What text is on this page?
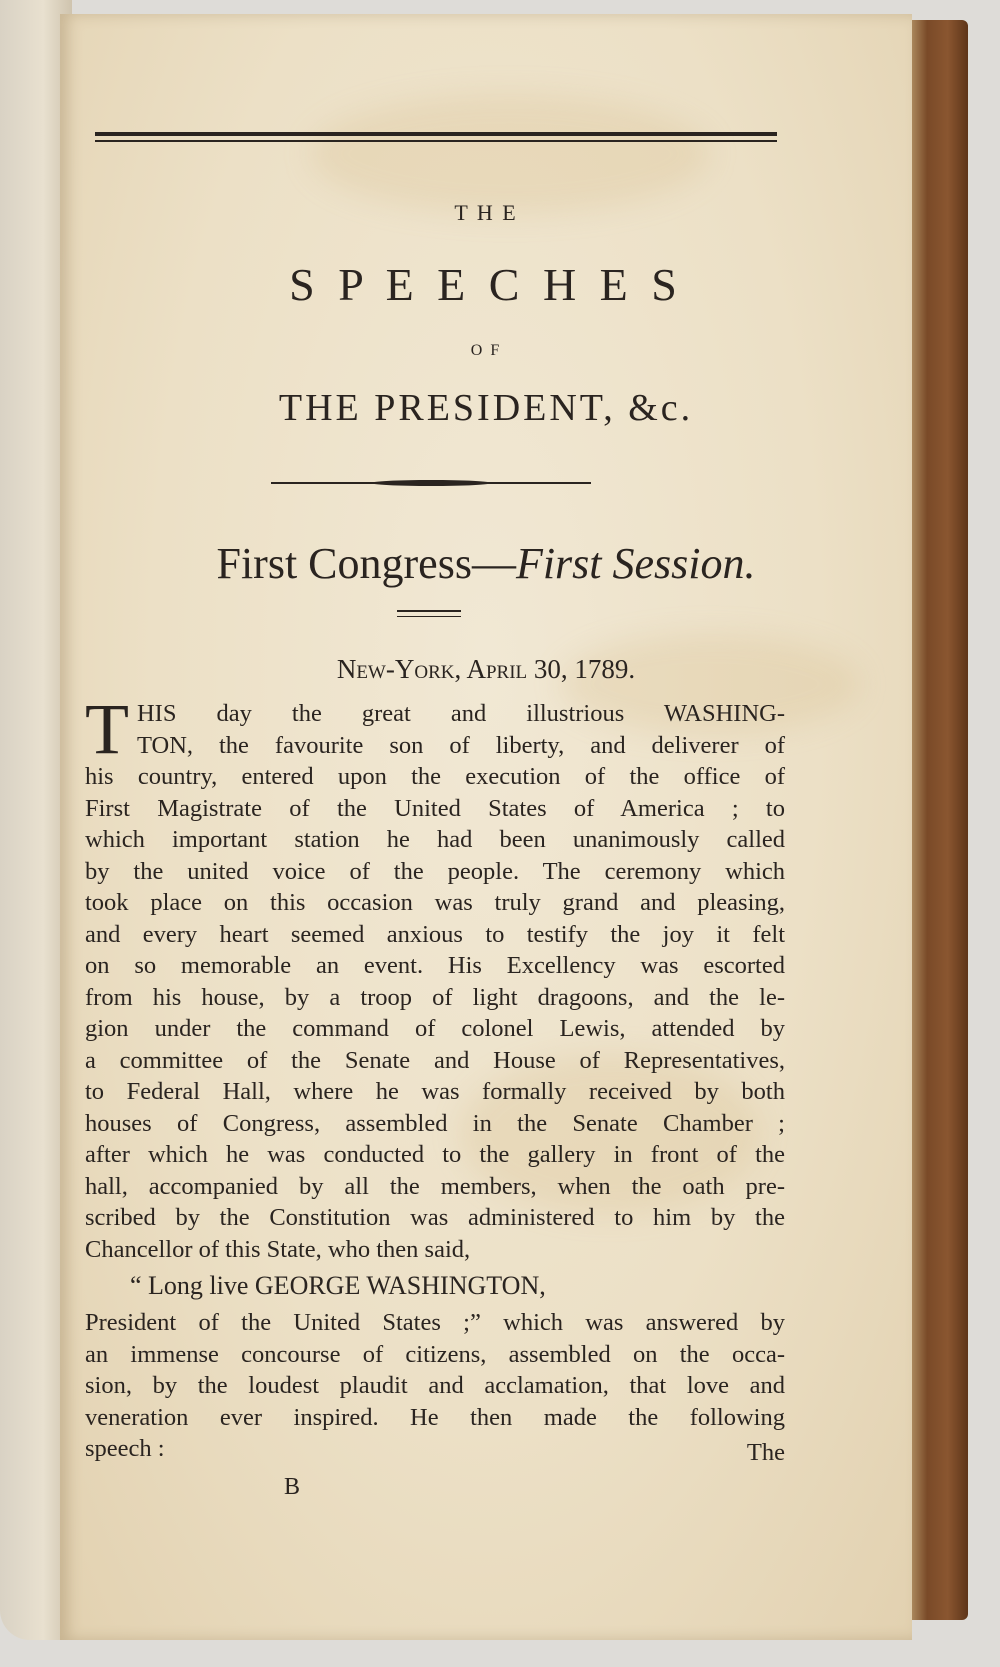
T H E
S P E E C H E S
O F
THE PRESIDENT, &c.
First Congress—First Session.
New-York, April 30, 1789.
T HIS day the great and illustrious WASHING-
TON, the favourite son of liberty, and deliverer of
his country, entered upon the execution of the office of
First Magistrate of the United States of America ; to
which important station he had been unanimously called
by the united voice of the people. The ceremony which
took place on this occasion was truly grand and pleasing,
and every heart seemed anxious to testify the joy it felt
on so memorable an event. His Excellency was escorted
from his house, by a troop of light dragoons, and the le-
gion under the command of colonel Lewis, attended by
a committee of the Senate and House of Representatives,
to Federal Hall, where he was formally received by both
houses of Congress, assembled in the Senate Chamber ;
after which he was conducted to the gallery in front of the
hall, accompanied by all the members, when the oath pre-
scribed by the Constitution was administered to him by the
Chancellor of this State, who then said,
“ Long live GEORGE WASHINGTON,
President of the United States ;” which was answered by
an immense concourse of citizens, assembled on the occa-
sion, by the loudest plaudit and acclamation, that love and
veneration ever inspired. He then made the following
speech :	The
B
